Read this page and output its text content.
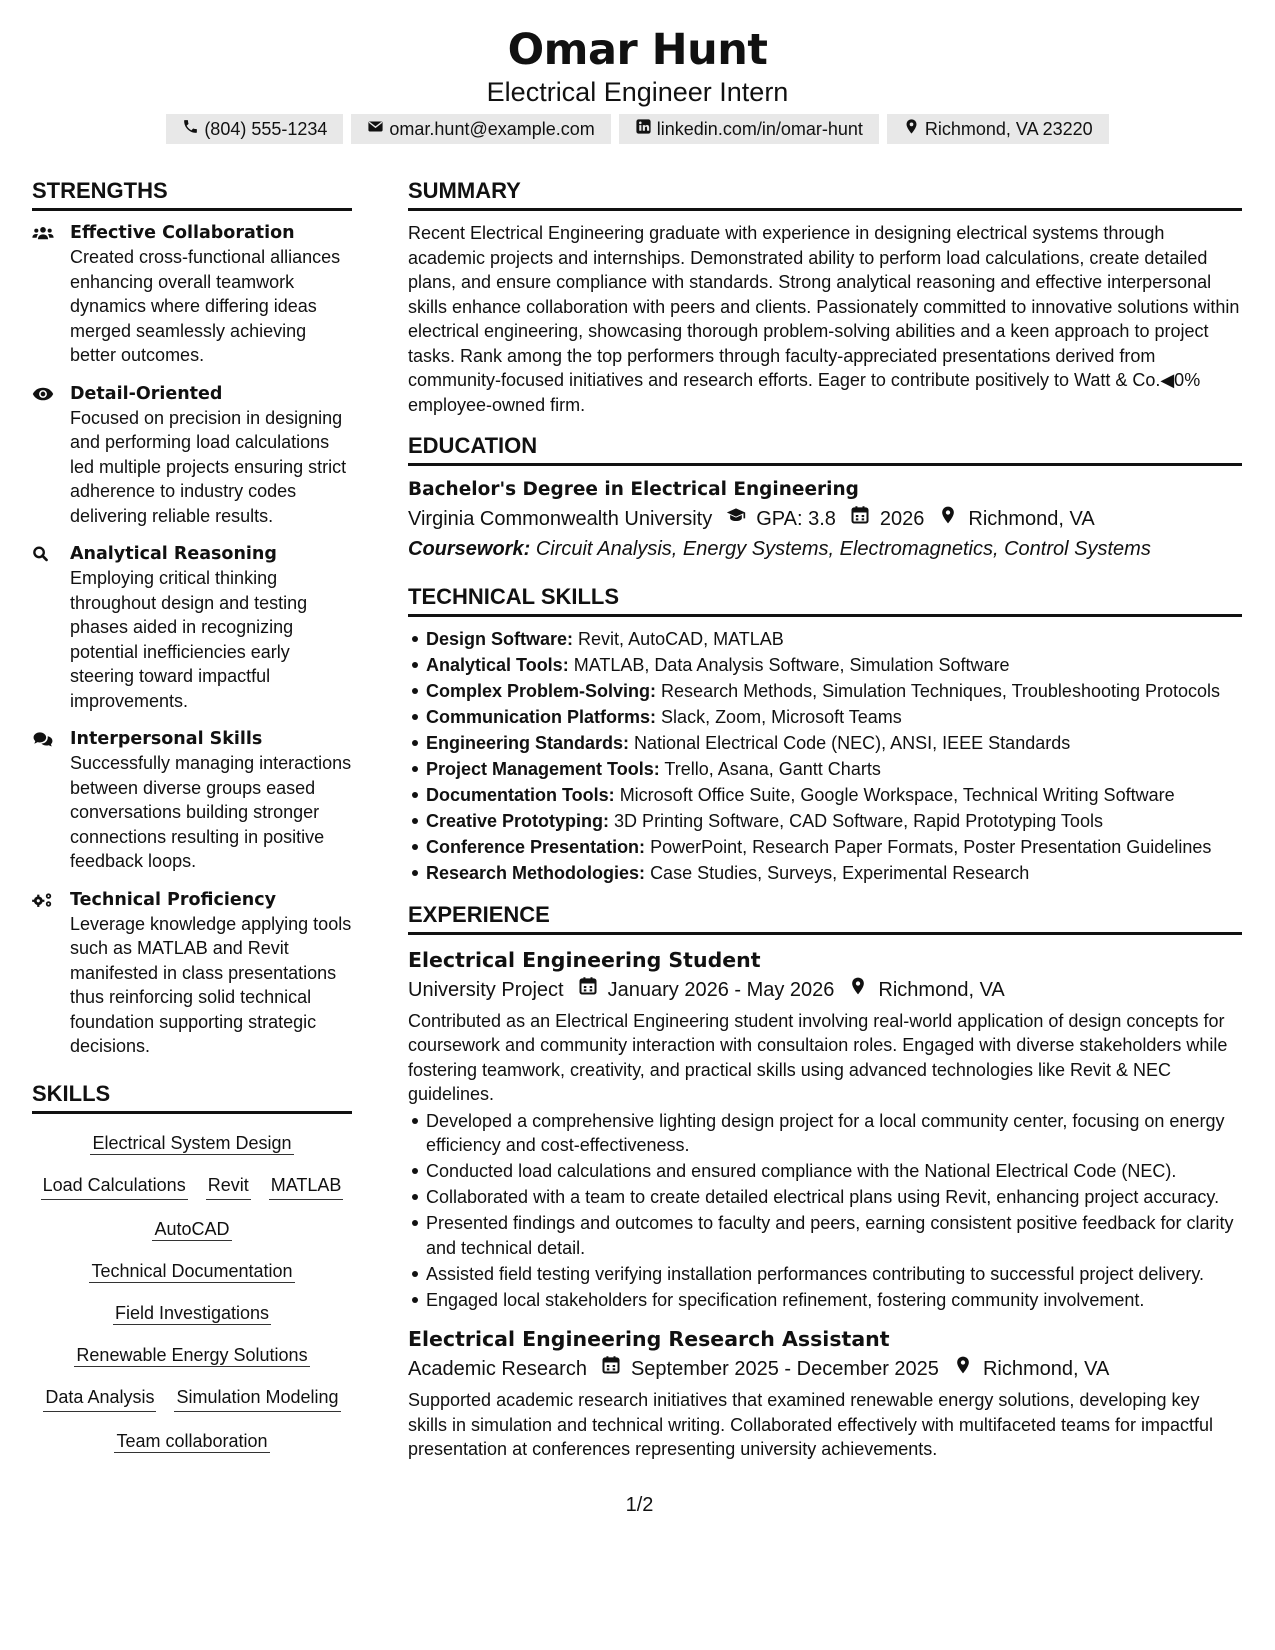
Omar Hunt
Electrical Engineer Intern
(804) 555-1234	omar.hunt@example.com	linkedin.com/in/omar-hunt	Richmond, VA 23220
STRENGTHS
Effective Collaboration
Created cross-functional alliances enhancing overall teamwork dynamics where differing ideas merged seamlessly achieving better outcomes.
Detail-Oriented
Focused on precision in designing and performing load calculations led multiple projects ensuring strict adherence to industry codes delivering reliable results.
Analytical Reasoning
Employing critical thinking throughout design and testing phases aided in recognizing potential inefficiencies early steering toward impactful improvements.
Interpersonal Skills
Successfully managing interactions between diverse groups eased conversations building stronger connections resulting in positive feedback loops.
Technical Proficiency
Leverage knowledge applying tools such as MATLAB and Revit manifested in class presentations thus reinforcing solid technical foundation supporting strategic decisions.
SKILLS
Electrical System Design
Load Calculations Revit MATLAB
AutoCAD
Technical Documentation
Field Investigations
Renewable Energy Solutions
Data Analysis Simulation Modeling
Team collaboration
SUMMARY

Recent Electrical Engineering graduate with experience in designing electrical systems through academic projects and internships. Demonstrated ability to perform load calculations, create detailed plans, and ensure compliance with standards. Strong analytical reasoning and effective interpersonal skills enhance collaboration with peers and clients. Passionately committed to innovative solutions within electrical engineering, showcasing thorough problem-solving abilities and a keen approach to project tasks. Rank among the top performers through faculty-appreciated presentations derived from community-focused initiatives and research efforts. Eager to contribute positively to Watt & Co.◀0% employee-owned firm.

EDUCATION
Bachelor's Degree in Electrical Engineering
Virginia Commonwealth University GPA: 3.8 2026 Richmond, VA
Coursework: Circuit Analysis, Energy Systems, Electromagnetics, Control Systems
TECHNICAL SKILLS
Design Software: Revit, AutoCAD, MATLAB
Analytical Tools: MATLAB, Data Analysis Software, Simulation Software
Complex Problem-Solving: Research Methods, Simulation Techniques, Troubleshooting Protocols
Communication Platforms: Slack, Zoom, Microsoft Teams
Engineering Standards: National Electrical Code (NEC), ANSI, IEEE Standards
Project Management Tools: Trello, Asana, Gantt Charts
Documentation Tools: Microsoft Office Suite, Google Workspace, Technical Writing Software
Creative Prototyping: 3D Printing Software, CAD Software, Rapid Prototyping Tools
Conference Presentation: PowerPoint, Research Paper Formats, Poster Presentation Guidelines
Research Methodologies: Case Studies, Surveys, Experimental Research
EXPERIENCE
Electrical Engineering Student
University Project January 2026 - May 2026 Richmond, VA

Contributed as an Electrical Engineering student involving real-world application of design concepts for coursework and community interaction with consultaion roles. Engaged with diverse stakeholders while fostering teamwork, creativity, and practical skills using advanced technologies like Revit & NEC guidelines.

Developed a comprehensive lighting design project for a local community center, focusing on energy efficiency and cost-effectiveness.
Conducted load calculations and ensured compliance with the National Electrical Code (NEC).
Collaborated with a team to create detailed electrical plans using Revit, enhancing project accuracy.
Presented findings and outcomes to faculty and peers, earning consistent positive feedback for clarity and technical detail.
Assisted field testing verifying installation performances contributing to successful project delivery.
Engaged local stakeholders for specification refinement, fostering community involvement.
Electrical Engineering Research Assistant
Academic Research September 2025 - December 2025 Richmond, VA

Supported academic research initiatives that examined renewable energy solutions, developing key skills in simulation and technical writing. Collaborated effectively with multifaceted teams for impactful presentation at conferences representing university achievements.

1/2
